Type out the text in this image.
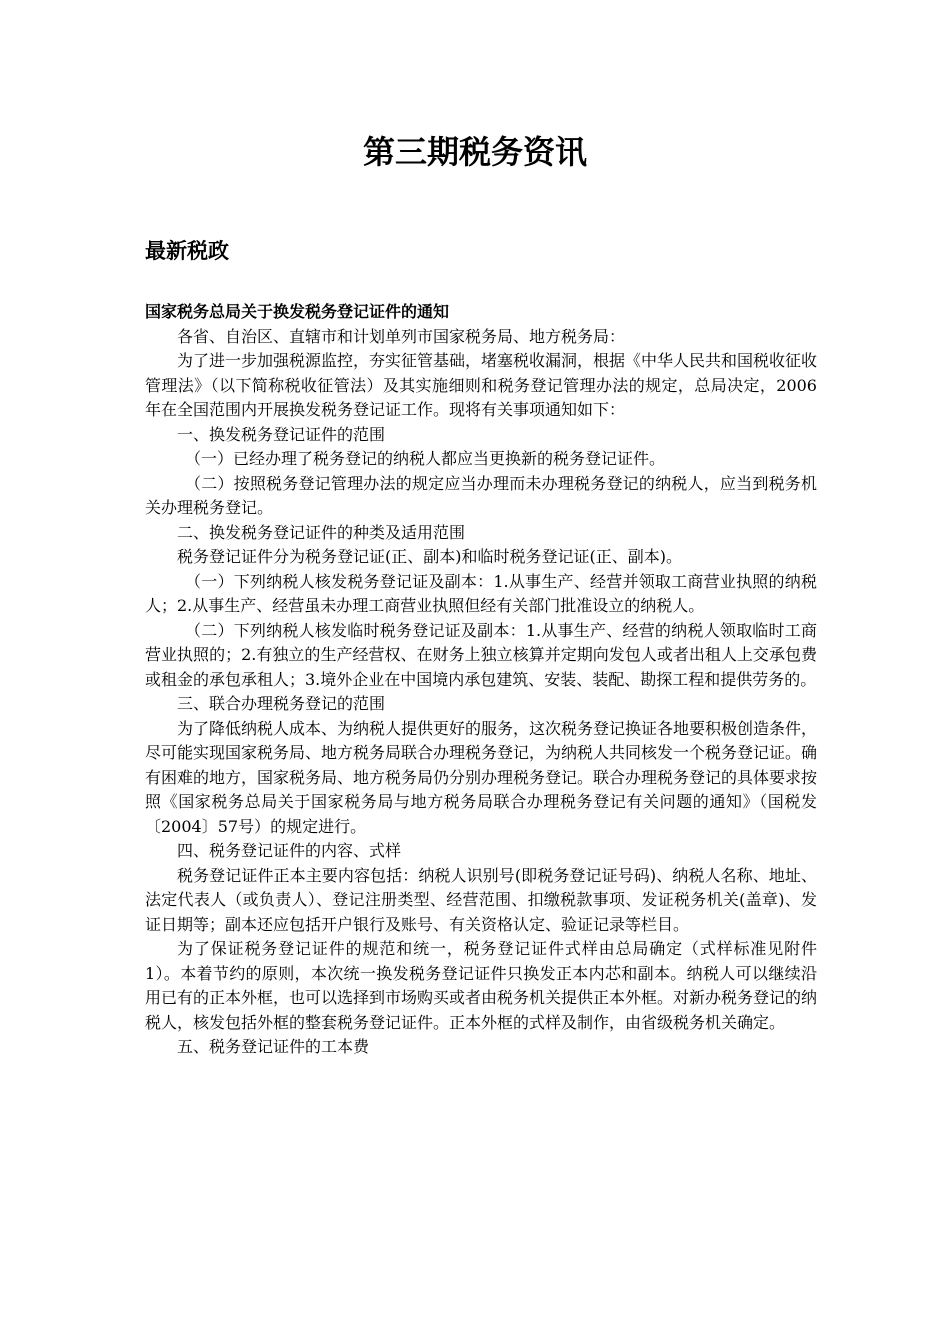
第三期税务资讯
最新税政
国家税务总局关于换发税务登记证件的通知

各省、自治区、直辖市和计划单列市国家税务局、地方税务局：

为了进一步加强税源监控，夯实征管基础，堵塞税收漏洞，根据《中华人民共和国税收征收管理法》（以下简称税收征管法）及其实施细则和税务登记管理办法的规定，总局决定，2006年在全国范围内开展换发税务登记证工作。现将有关事项通知如下：

一、换发税务登记证件的范围

（一）已经办理了税务登记的纳税人都应当更换新的税务登记证件。

（二）按照税务登记管理办法的规定应当办理而未办理税务登记的纳税人，应当到税务机关办理税务登记。

二、换发税务登记证件的种类及适用范围

税务登记证件分为税务登记证(正、副本)和临时税务登记证(正、副本)。

（一）下列纳税人核发税务登记证及副本：1.从事生产、经营并领取工商营业执照的纳税人；2.从事生产、经营虽未办理工商营业执照但经有关部门批准设立的纳税人。

（二）下列纳税人核发临时税务登记证及副本：1.从事生产、经营的纳税人领取临时工商营业执照的；2.有独立的生产经营权、在财务上独立核算并定期向发包人或者出租人上交承包费或租金的承包承租人；3.境外企业在中国境内承包建筑、安装、装配、勘探工程和提供劳务的。

三、联合办理税务登记的范围

为了降低纳税人成本、为纳税人提供更好的服务，这次税务登记换证各地要积极创造条件，尽可能实现国家税务局、地方税务局联合办理税务登记，为纳税人共同核发一个税务登记证。确有困难的地方，国家税务局、地方税务局仍分别办理税务登记。联合办理税务登记的具体要求按照《国家税务总局关于国家税务局与地方税务局联合办理税务登记有关问题的通知》（国税发〔2004〕57号）的规定进行。

四、税务登记证件的内容、式样

税务登记证件正本主要内容包括：纳税人识别号(即税务登记证号码)、纳税人名称、地址、法定代表人（或负责人）、登记注册类型、经营范围、扣缴税款事项、发证税务机关(盖章)、发证日期等；副本还应包括开户银行及账号、有关资格认定、验证记录等栏目。

为了保证税务登记证件的规范和统一，税务登记证件式样由总局确定（式样标准见附件1）。本着节约的原则，本次统一换发税务登记证件只换发正本内芯和副本。纳税人可以继续沿用已有的正本外框，也可以选择到市场购买或者由税务机关提供正本外框。对新办税务登记的纳税人，核发包括外框的整套税务登记证件。正本外框的式样及制作，由省级税务机关确定。

五、税务登记证件的工本费
